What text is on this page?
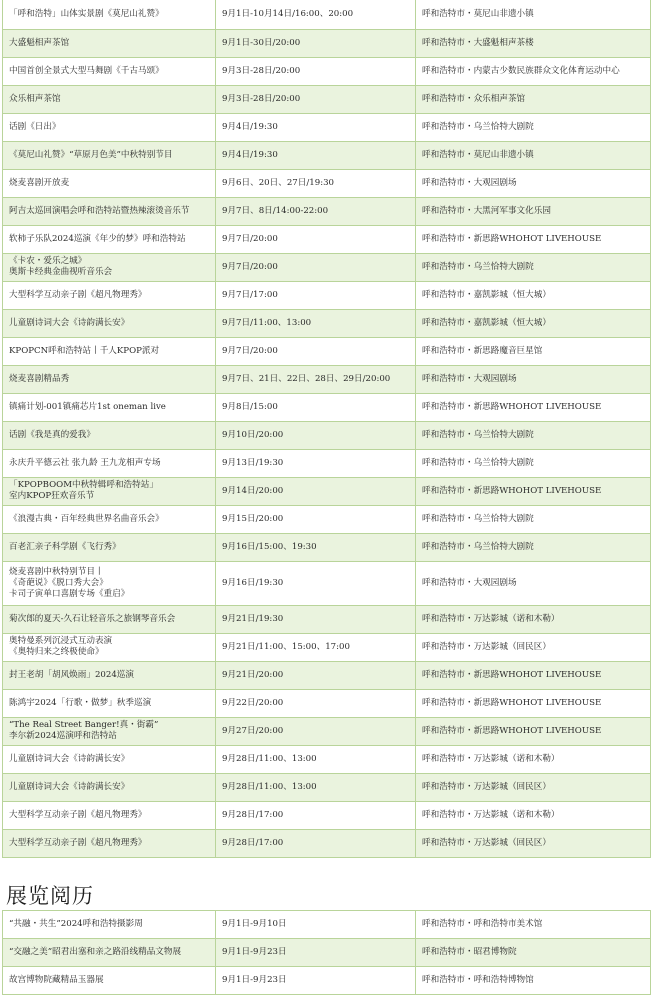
「呼和浩特」山体实景剧《莫尼山礼赞》	9月1日-10月14日/16:00、20:00	呼和浩特市・莫尼山非遗小镇
大盛魁相声茶馆	9月1日-30日/20:00	呼和浩特市・大盛魁相声茶楼
中国首创全景式大型马舞剧《千古马颂》	9月3日-28日/20:00	呼和浩特市・内蒙古少数民族群众文化体育运动中心
众乐相声茶馆	9月3日-28日/20:00	呼和浩特市・众乐相声茶馆
话剧《日出》	9月4日/19:30	呼和浩特市・乌兰恰特大剧院
《莫尼山礼赞》“草原月色美”中秋特别节目	9月4日/19:30	呼和浩特市・莫尼山非遗小镇
烧麦喜剧开放麦	9月6日、20日、27日/19:30	呼和浩特市・大观园剧场
阿吉太巡回演唱会呼和浩特站暨热辣滚烫音乐节	9月7日、8日/14:00-22:00	呼和浩特市・大黑河军事文化乐园
软柿子乐队2024巡演《年少的梦》呼和浩特站	9月7日/20:00	呼和浩特市・新思路WHOHOT LIVEHOUSE
《卡农・爱乐之城》
奥斯卡经典金曲视听音乐会	9月7日/20:00	呼和浩特市・乌兰恰特大剧院
大型科学互动亲子剧《超凡物理秀》	9月7日/17:00	呼和浩特市・嘉凯影城（恒大城）
儿童剧诗词大会《诗韵满长安》	9月7日/11:00、13:00	呼和浩特市・嘉凯影城（恒大城）
KPOPCN呼和浩特站丨千人KPOP派对	9月7日/20:00	呼和浩特市・新思路魔音巨星馆
烧麦喜剧精品秀	9月7日、21日、22日、28日、29日/20:00	呼和浩特市・大观园剧场
镇痛计划-001镇痛芯片1st oneman live	9月8日/15:00	呼和浩特市・新思路WHOHOT LIVEHOUSE
话剧《我是真的爱我》	9月10日/20:00	呼和浩特市・乌兰恰特大剧院
永庆升平德云社 张九龄 王九龙相声专场	9月13日/19:30	呼和浩特市・乌兰恰特大剧院
「KPOPBOOM中秋特辑呼和浩特站」
室内KPOP狂欢音乐节	9月14日/20:00	呼和浩特市・新思路WHOHOT LIVEHOUSE
《浪漫古典・百年经典世界名曲音乐会》	9月15日/20:00	呼和浩特市・乌兰恰特大剧院
百老汇亲子科学剧《飞行秀》	9月16日/15:00、19:30	呼和浩特市・乌兰恰特大剧院
烧麦喜剧中秋特别节目丨
《奇葩说》《脱口秀大会》
卡司子寅单口喜剧专场《重启》	9月16日/19:30	呼和浩特市・大观园剧场
菊次郎的夏天-久石让轻音乐之旅钢琴音乐会	9月21日/19:30	呼和浩特市・万达影城（诺和木勒）
奥特曼系列沉浸式互动表演
《奥特归来之终极使命》	9月21日/11:00、15:00、17:00	呼和浩特市・万达影城（回民区）
封王老胡「胡风焕雨」2024巡演	9月21日/20:00	呼和浩特市・新思路WHOHOT LIVEHOUSE
陈鸿宇2024「行歌・做梦」秋季巡演	9月22日/20:00	呼和浩特市・新思路WHOHOT LIVEHOUSE
“The Real Street Banger!真・街霸”
李尔新2024巡演呼和浩特站	9月27日/20:00	呼和浩特市・新思路WHOHOT LIVEHOUSE
儿童剧诗词大会《诗韵满长安》	9月28日/11:00、13:00	呼和浩特市・万达影城（诺和木勒）
儿童剧诗词大会《诗韵满长安》	9月28日/11:00、13:00	呼和浩特市・万达影城（回民区）
大型科学互动亲子剧《超凡物理秀》	9月28日/17:00	呼和浩特市・万达影城（诺和木勒）
大型科学互动亲子剧《超凡物理秀》	9月28日/17:00	呼和浩特市・万达影城（回民区）
展览阅历
“共融・共生”2024呼和浩特摄影周	9月1日-9月10日	呼和浩特市・呼和浩特市美术馆
“交融之美”昭君出塞和亲之路沿线精品文物展	9月1日-9月23日	呼和浩特市・昭君博物院
故宫博物院藏精品玉器展	9月1日-9月23日	呼和浩特市・呼和浩特博物馆
